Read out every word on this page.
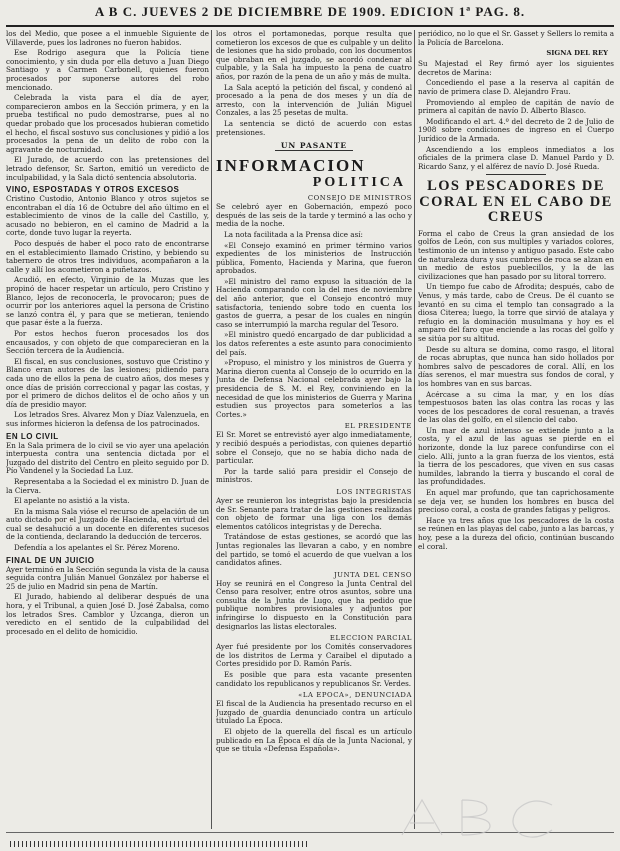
A B C. JUEVES 2 DE DICIEMBRE DE 1909. EDICION 1ª PAG. 8.

los del Medio, que posee a el inmueble Siguiente de Villaverde, pues los ladrones no fueron habidos.

Ese Rodrigo asegura que la Policía tiene conocimiento, y sin duda por ella detuvo a Juan Diego Santiago y a Carmen Carbonell, quienes fueron procesados por suponerse autores del robo mencionado.

Celebrada la vista para el día de ayer, comparecieron ambos en la Sección primera, y en la prueba testifical no pudo demostrarse, pues al no quedar probado que los procesados hubieran cometido el hecho, el fiscal sostuvo sus conclusiones y pidió a los procesados la pena de un delito de robo con la agravante de nocturnidad.

El Jurado, de acuerdo con las pretensiones del letrado defensor, Sr. Sarton, emitió un veredicto de inculpabilidad, y la Sala dictó sentencia absolutoria.

VINO, ESPOSTADAS Y OTROS EXCESOS

Cristino Custodio, Antonio Blanco y otros sujetos se encontraban el día 16 de Octubre del año último en el establecimiento de vinos de la calle del Castillo, y, acusado no bebieron, en el camino de Madrid a la corte, donde tuvo lugar la reyerta.

Poco después de haber el poco rato de encontrarse en el establecimiento llamado Cristino, y bebiendo su tabernero de otros tres individuos, acompañaron a la calle y allí los acometieron a puñetazos.

Acudió, en efecto, Virginio de la Muzas que les propinó de hacer respetar un artículo, pero Cristino y Blanco, lejos de reconocerla, le provocaron; pues de ocurrir por los anteriores aquel la persona de Cristino se lanzó contra él, y para que se metieran, teniendo que pasar éste a la fuerza.

Por estos hechos fueron procesados los dos encausados, y con objeto de que comparecieran en la Sección tercera de la Audiencia.

El fiscal, en sus conclusiones, sostuvo que Cristino y Blanco eran autores de las lesiones; pidiendo para cada uno de ellos la pena de cuatro años, dos meses y once días de prisión correccional y pagar las costas, y por el primero de dichos delitos el de ocho años y un día de presidio mayor.

Los letrados Sres. Alvarez Mon y Díaz Valenzuela, en sus informes hicieron la defensa de los patrocinados.

EN LO CIVIL

En la Sala primera de lo civil se vio ayer una apelación interpuesta contra una sentencia dictada por el Juzgado del distrito del Centro en pleito seguido por D. Pío Vandenel y la Sociedad La Luz.

Representaba a la Sociedad el ex ministro D. Juan de la Cierva.

El apelante no asistió a la vista.

En la misma Sala vióse el recurso de apelación de un auto dictado por el Juzgado de Hacienda, en virtud del cual se desahució a un docente en diferentes sucesos de la contienda, declarando la deducción de terceros.

Defendía a los apelantes el Sr. Pérez Moreno.

FINAL DE UN JUICIO

Ayer terminó en la Sección segunda la vista de la causa seguida contra Julián Manuel González por haberse el 25 de julio en Madrid sin pena de Martín.

El Jurado, habiendo al deliberar después de una hora, y el Tribunal, a quien José D. José Zabalsa, como los letrados Sres. Camblor y Uzcanga, dieron un veredicto en el sentido de la culpabilidad del procesado en el delito de homicidio.

los otros el portamonedas, porque resulta que cometieron los excesos de que es culpable y un delito de lesiones que ha sido probado, con los documentos que obraban en el juzgado, se acordó condenar al culpable, y la Sala ha impuesto la pena de cuatro años, por razón de la pena de un año y más de multa.

La Sala aceptó la petición del fiscal, y condenó al procesado a la pena de dos meses y un día de arresto, con la intervención de Julián Miguel Conzales, a las 25 pesetas de multa.

La sentencia se dictó de acuerdo con estas pretensiones.

UN PASANTE
INFORMACION
POLITICA
CONSEJO DE MINISTROS

Se celebró ayer en Gobernación, empezó poco después de las seis de la tarde y terminó a las ocho y media de la noche.

La nota facilitada a la Prensa dice así:

«El Consejo examinó en primer término varios expedientes de los ministerios de Instrucción pública, Fomento, Hacienda y Marina, que fueron aprobados.

»El ministro del ramo expuso la situación de la Hacienda comparando con la del mes de noviembre del año anterior, que el Consejo encontró muy satisfactoria, teniendo sobre todo en cuenta los gastos de guerra, a pesar de los cuales en ningún caso se interrumpió la marcha regular del Tesoro.

»El ministro quedó encargado de dar publicidad a los datos referentes a este asunto para conocimiento del país.

»Propuso, el ministro y los ministros de Guerra y Marina dieron cuenta al Consejo de lo ocurrido en la Junta de Defensa Nacional celebrada ayer bajo la presidencia de S. M. el Rey, conviniendo en la necesidad de que los ministerios de Guerra y Marina estudien sus proyectos para someterlos a las Cortes.»

EL PRESIDENTE

El Sr. Moret se entrevistó ayer algo inmediatamente, y recibió después a periodistas, con quienes departió sobre el Consejo, que no se había dicho nada de particular.

Por la tarde salió para presidir el Consejo de ministros.

LOS INTEGRISTAS

Ayer se reunieron los integristas bajo la presidencia de Sr. Senante para tratar de las gestiones realizadas con objeto de formar una liga con los demás elementos católicos integristas y de Derecha.

Tratándose de estas gestiones, se acordó que las Juntas regionales las llevaran a cabo, y en nombre del partido, se tomó el acuerdo de que vuelvan a los candidatos afines.

JUNTA DEL CENSO

Hoy se reunirá en el Congreso la Junta Central del Censo para resolver, entre otros asuntos, sobre una consulta de la Junta de Lugo, que ha pedido que publique nombres provisionales y adjuntos por infringirse lo dispuesto en la Constitución para designarlos las listas electorales.

ELECCION PARCIAL

Ayer fué presidente por los Comités conservadores de los distritos de Lerma y Caraibel el diputado a Cortes presidido por D. Ramón París.

Es posible que para esta vacante presenten candidato los republicanos y republicanos Sr. Verdes.

«LA EPOCA», DENUNCIADA

El fiscal de la Audiencia ha presentado recurso en el Juzgado de guardia denunciado contra un artículo titulado La Época.

El objeto de la querella del fiscal es un artículo publicado en La Época el día de la Junta Nacional, y que se titula «Defensa Española».

periódico, no lo que el Sr. Gasset y Sellers lo remita a la Policía de Barcelona.

SIGNA DEL REY

Su Majestad el Rey firmó ayer los siguientes decretos de Marina:

Concediendo el pase a la reserva al capitán de navío de primera clase D. Alejandro Frau.

Promoviendo al empleo de capitán de navío de primera al capitán de navío D. Alberto Blasco.

Modificando el art. 4.º del decreto de 2 de Julio de 1908 sobre condiciones de ingreso en el Cuerpo Jurídico de la Armada.

Ascendiendo a los empleos inmediatos a los oficiales de la primera clase D. Manuel Pardo y D. Ricardo Sanz, y el alférez de navío D. José Rueda.

LOS PESCADORES DE CORAL EN EL CABO DE CREUS

Forma el cabo de Creus la gran ansiedad de los golfos de León, con sus multiples y variados colores, testimonio de un intenso y antiguo pasado. Este cabo de naturaleza dura y sus cumbres de roca se alzan en un medio de estos pueblecillos, y la de las civilizaciones que han pasado por su litoral torrero.

Un tiempo fue cabo de Afrodita; después, cabo de Venus, y más tarde, cabo de Creus. De él cuanto se levantó en su cima el templo tan consagrado a la diosa Citerea; luego, la torre que sirvió de atalaya y refugio en la dominación musulmana y hoy es el amparo del faro que enciende a las rocas del golfo y se sitúa por su altitud.

Desde su altura se domina, como rasgo, el litoral de rocas abruptas, que nunca han sido hollados por hombres salvo de pescadores de coral. Allí, en los días serenos, el mar muestra sus fondos de coral, y los hombres van en sus barcas.

Acércase a su cima la mar, y en los días tempestuosos baten las olas contra las rocas y las voces de los pescadores de coral resuenan, a través de las olas del golfo, en el silencio del cabo.

Un mar de azul intenso se extiende junto a la costa, y el azul de las aguas se pierde en el horizonte, donde la luz parece confundirse con el cielo. Allí, junto a la gran fuerza de los vientos, está la tierra de los pescadores, que viven en sus casas humildes, labrando la tierra y buscando el coral de las profundidades.

En aquel mar profundo, que tan caprichosamente se deja ver, se hunden los hombres en busca del precioso coral, a costa de grandes fatigas y peligros.

Hace ya tres años que los pescadores de la costa se reúnen en las playas del cabo, junto a las barcas, y hoy, pese a la dureza del oficio, continúan buscando el coral.
